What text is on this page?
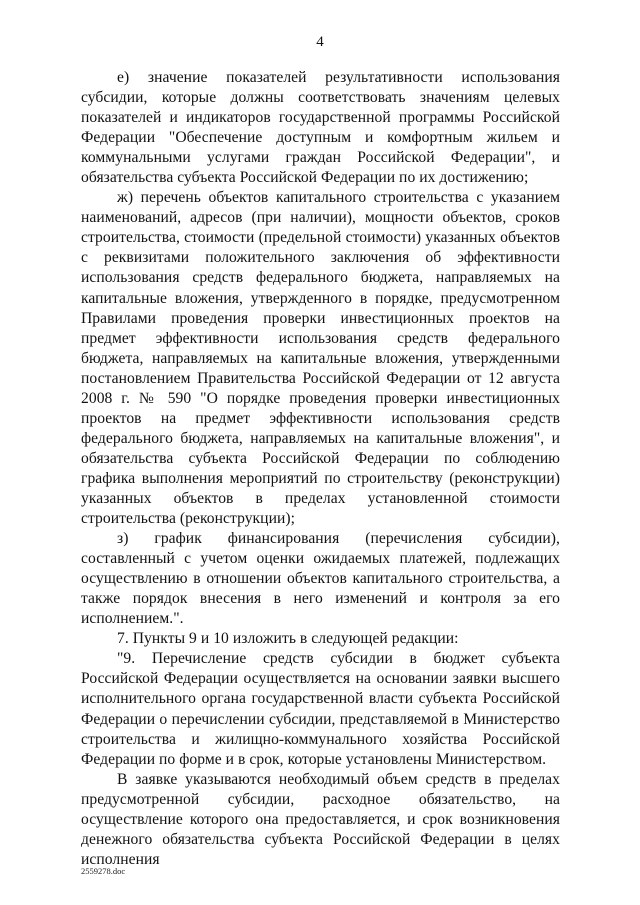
4

е) значение показателей результативности использования субсидии, которые должны соответствовать значениям целевых показателей и индикаторов государственной программы Российской Федерации "Обеспечение доступным и комфортным жильем и коммунальными услугами граждан Российской Федерации", и обязательства субъекта Российской Федерации по их достижению;

ж) перечень объектов капитального строительства с указанием наименований, адресов (при наличии), мощности объектов, сроков строительства, стоимости (предельной стоимости) указанных объектов с реквизитами положительного заключения об эффективности использования средств федерального бюджета, направляемых на капитальные вложения, утвержденного в порядке, предусмотренном Правилами проведения проверки инвестиционных проектов на предмет эффективности использования средств федерального бюджета, направляемых на капитальные вложения, утвержденными постановлением Правительства Российской Федерации от 12 августа 2008 г. № 590 "О порядке проведения проверки инвестиционных проектов на предмет эффективности использования средств федерального бюджета, направляемых на капитальные вложения", и обязательства субъекта Российской Федерации по соблюдению графика выполнения мероприятий по строительству (реконструкции) указанных объектов в пределах установленной стоимости строительства (реконструкции);

з) график финансирования (перечисления субсидии), составленный с учетом оценки ожидаемых платежей, подлежащих осуществлению в отношении объектов капитального строительства, а также порядок внесения в него изменений и контроля за его исполнением.".

7. Пункты 9 и 10 изложить в следующей редакции:

"9. Перечисление средств субсидии в бюджет субъекта Российской Федерации осуществляется на основании заявки высшего исполнительного органа государственной власти субъекта Российской Федерации о перечислении субсидии, представляемой в Министерство строительства и жилищно-коммунального хозяйства Российской Федерации по форме и в срок, которые установлены Министерством.

В заявке указываются необходимый объем средств в пределах предусмотренной субсидии, расходное обязательство, на осуществление которого она предоставляется, и срок возникновения денежного обязательства субъекта Российской Федерации в целях исполнения

2559278.doc
